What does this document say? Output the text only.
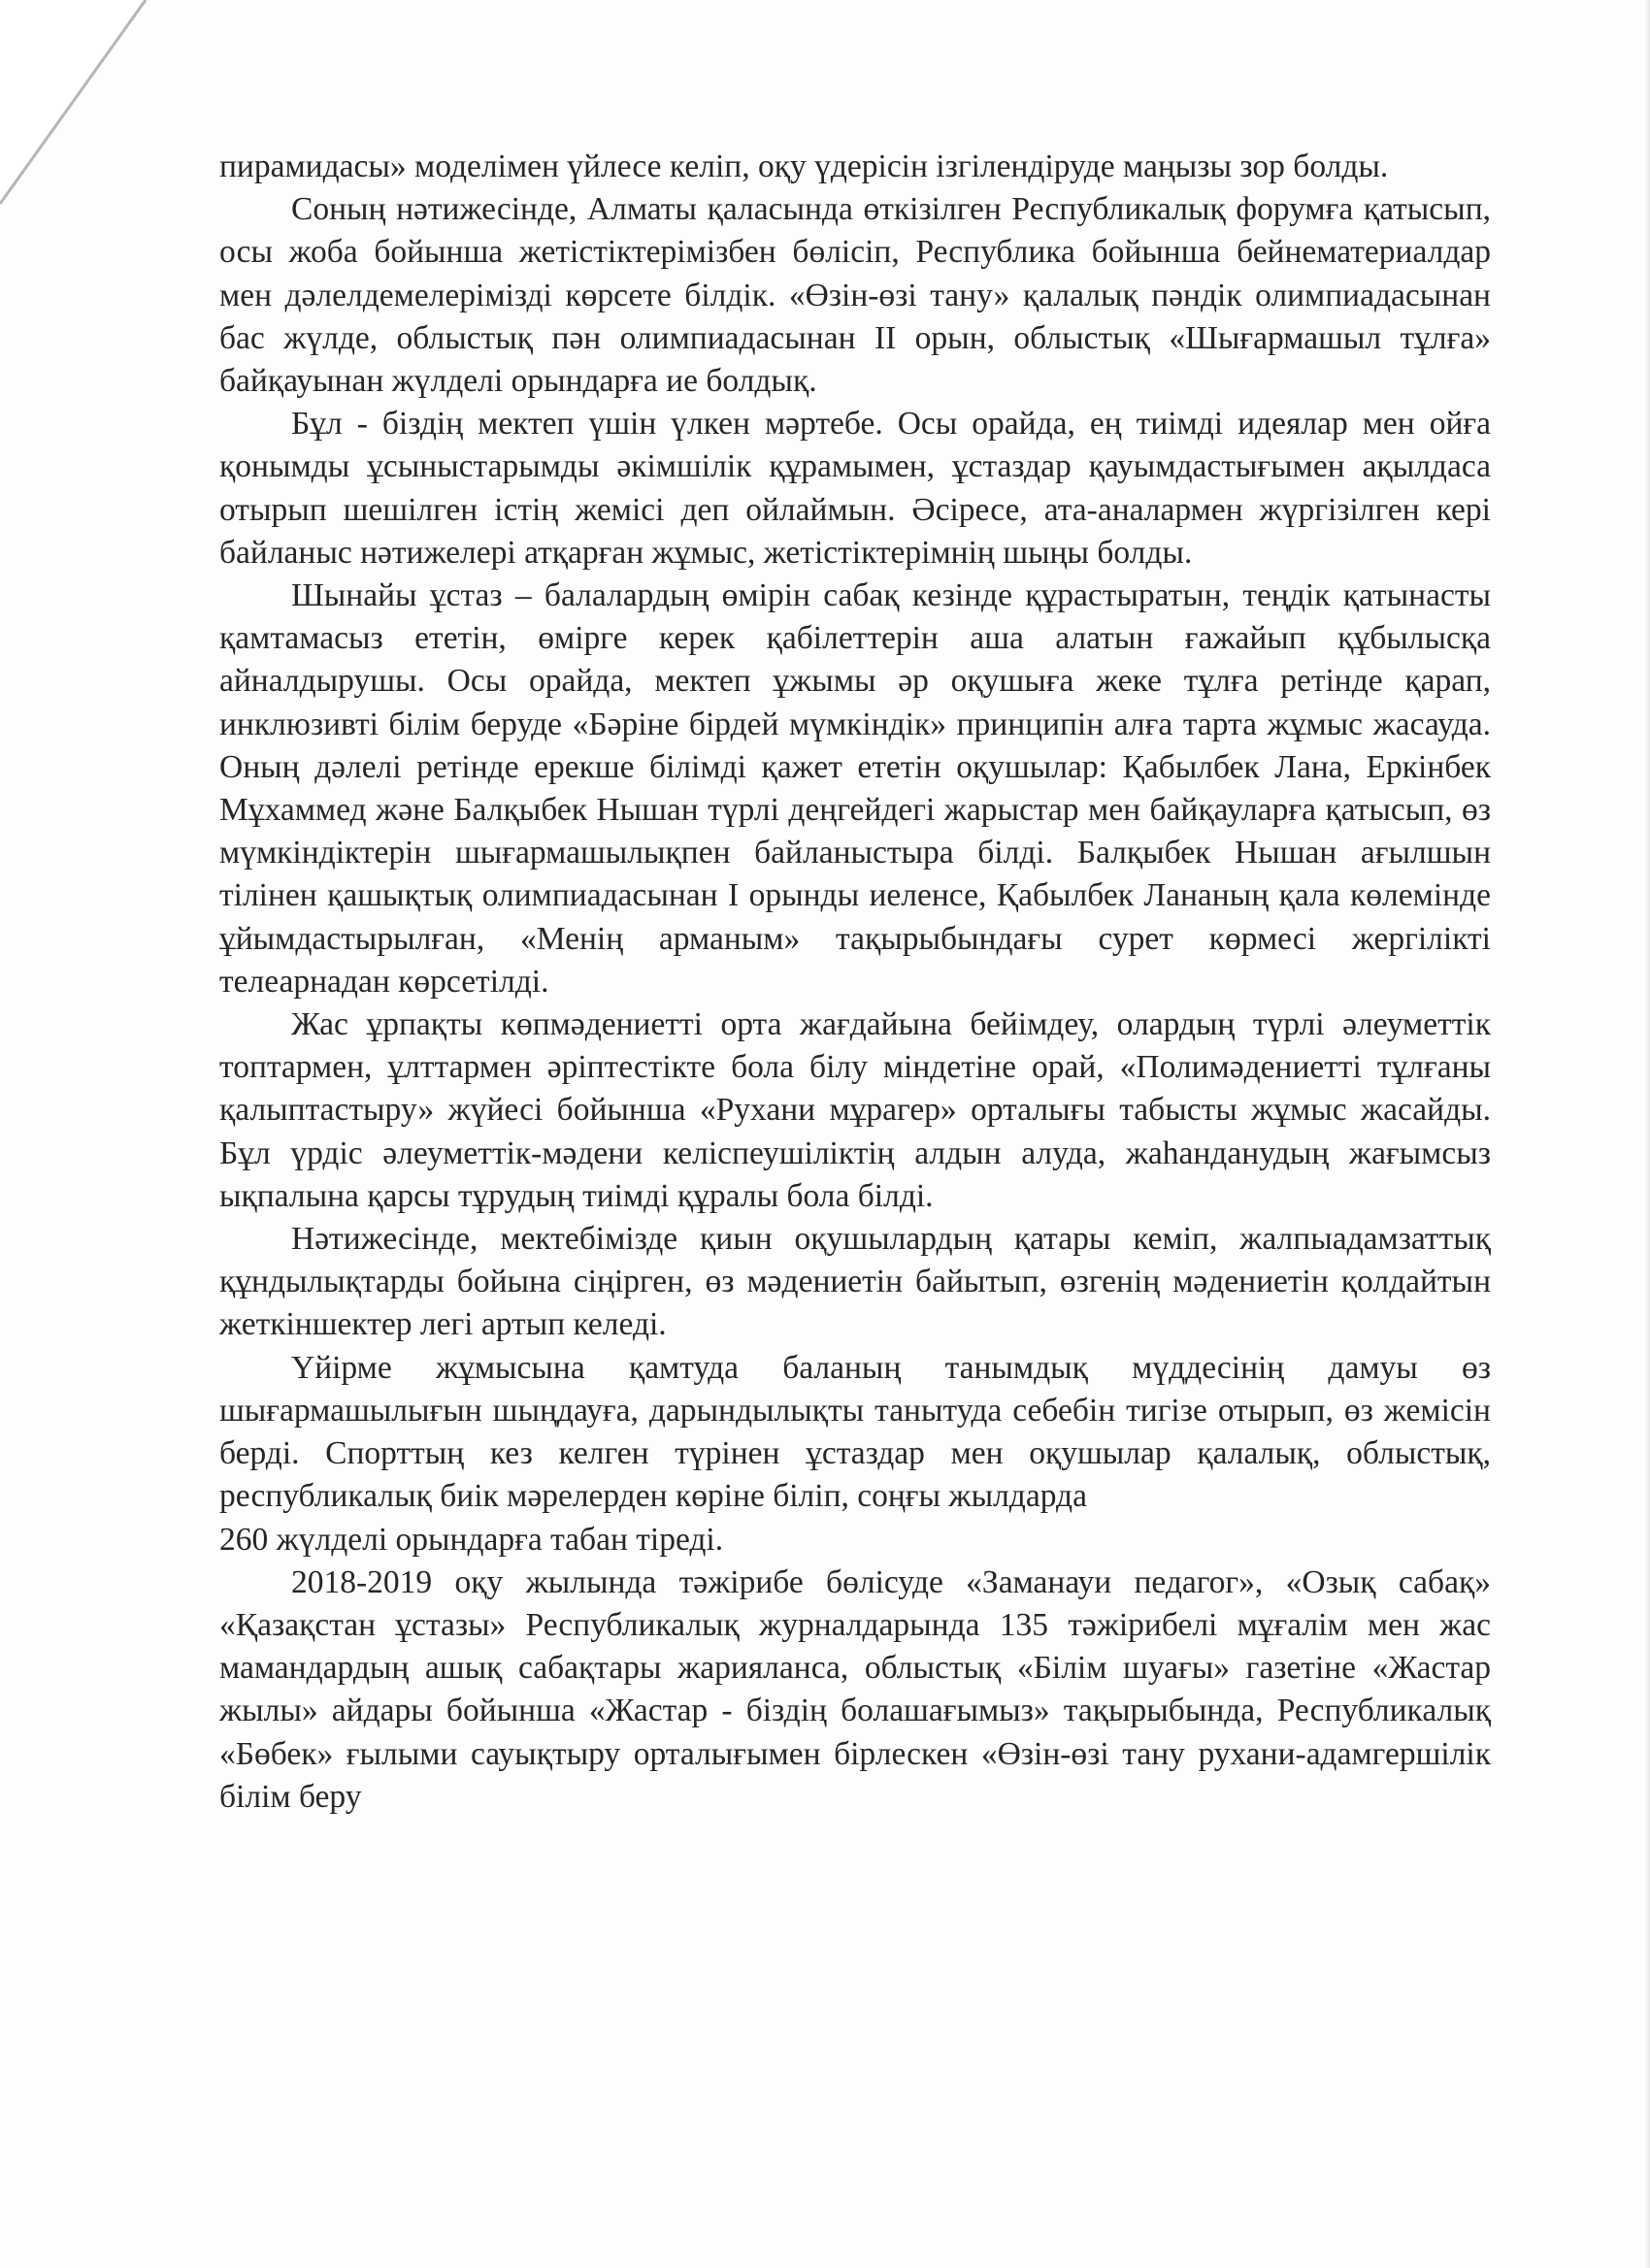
пирамидасы» моделімен үйлесе келіп, оқу үдерісін ізгілендіруде маңызы зор болды.

Соның нәтижесінде, Алматы қаласында өткізілген Республикалық форумға қатысып, осы жоба бойынша жетістіктерімізбен бөлісіп, Республика бойынша бейнематериалдар мен дәлелдемелерімізді көрсете білдік. «Өзін-өзі тану» қалалық пәндік олимпиадасынан бас жүлде, облыстық пән олимпиадасынан ІІ орын, облыстық «Шығармашыл тұлға» байқауынан жүлделі орындарға ие болдық.

Бұл - біздің мектеп үшін үлкен мәртебе. Осы орайда, ең тиімді идеялар мен ойға қонымды ұсыныстарымды әкімшілік құрамымен, ұстаздар қауымдастығымен ақылдаса отырып шешілген істің жемісі деп ойлаймын. Әсіресе, ата-аналармен жүргізілген кері байланыс нәтижелері атқарған жұмыс, жетістіктерімнің шыңы болды.

Шынайы ұстаз – балалардың өмірін сабақ кезінде құрастыратын, теңдік қатынасты қамтамасыз ететін, өмірге керек қабілеттерін аша алатын ғажайып құбылысқа айналдырушы. Осы орайда, мектеп ұжымы әр оқушыға жеке тұлға ретінде қарап, инклюзивті білім беруде «Бәріне бірдей мүмкіндік» принципін алға тарта жұмыс жасауда. Оның дәлелі ретінде ерекше білімді қажет ететін оқушылар: Қабылбек Лана, Еркінбек Мұхаммед және Балқыбек Нышан түрлі деңгейдегі жарыстар мен байқауларға қатысып, өз мүмкіндіктерін шығармашылықпен байланыстыра білді. Балқыбек Нышан ағылшын тілінен қашықтық олимпиадасынан І орынды иеленсе, Қабылбек Лананың қала көлемінде ұйымдастырылған, «Менің арманым» тақырыбындағы сурет көрмесі жергілікті телеарнадан көрсетілді.

Жас ұрпақты көпмәдениетті орта жағдайына бейімдеу, олардың түрлі әлеуметтік топтармен, ұлттармен әріптестікте бола білу міндетіне орай, «Полимәдениетті тұлғаны қалыптастыру» жүйесі бойынша «Рухани мұрагер» орталығы табысты жұмыс жасайды. Бұл үрдіс әлеуметтік-мәдени келіспеушіліктің алдын алуда, жаһанданудың жағымсыз ықпалына қарсы тұрудың тиімді құралы бола білді.

Нәтижесінде, мектебімізде қиын оқушылардың қатары кеміп, жалпыадамзаттық құндылықтарды бойына сіңірген, өз мәдениетін байытып, өзгенің мәдениетін қолдайтын жеткіншектер легі артып келеді.

Үйірме жұмысына қамтуда баланың танымдық мүддесінің дамуы өз шығармашылығын шыңдауға, дарындылықты танытуда себебін тигізе отырып, өз жемісін берді. Спорттың кез келген түрінен ұстаздар мен оқушылар қалалық, облыстық, республикалық биік мәрелерден көріне біліп, соңғы жылдарда

260 жүлделі орындарға табан тіреді.

2018-2019 оқу жылында тәжірибе бөлісуде «Заманауи педагог», «Озық сабақ» «Қазақстан ұстазы» Республикалық журналдарында 135 тәжірибелі мұғалім мен жас мамандардың ашық сабақтары жарияланса, облыстық «Білім шуағы» газетіне «Жастар жылы» айдары бойынша «Жастар - біздің болашағымыз» тақырыбында, Республикалық «Бөбек» ғылыми сауықтыру орталығымен бірлескен «Өзін-өзі тану рухани-адамгершілік білім беру
